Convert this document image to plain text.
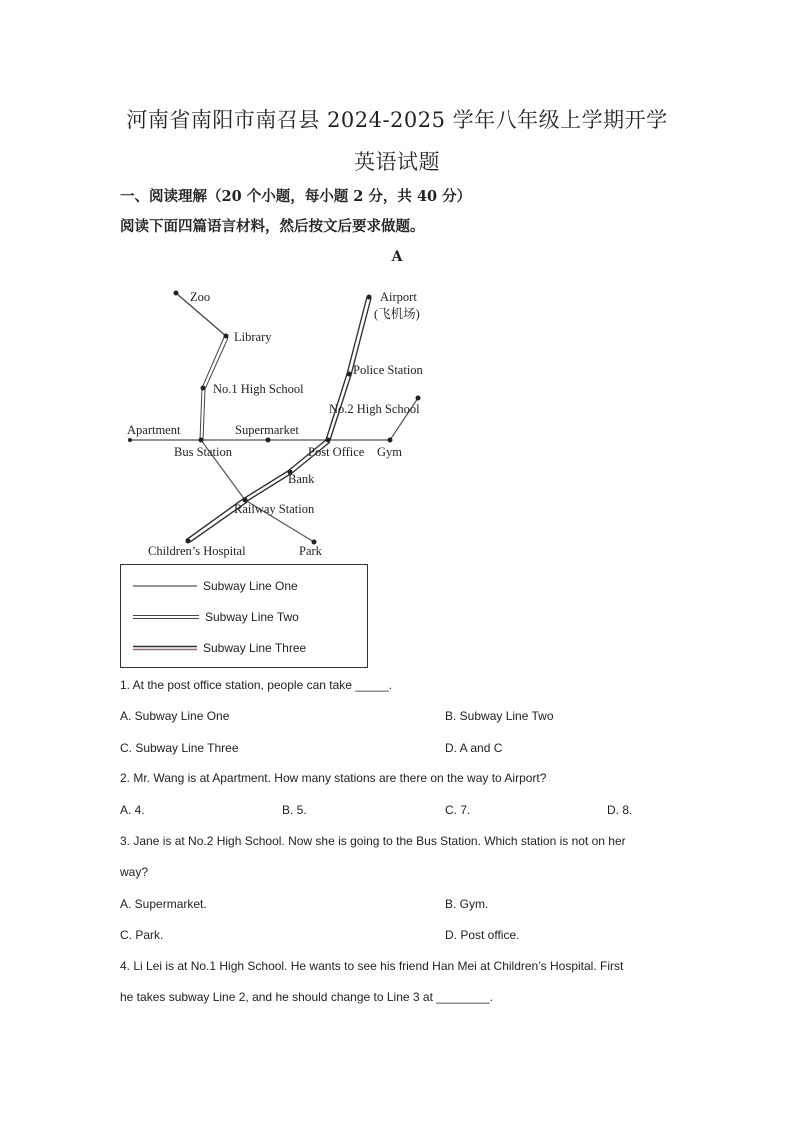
河南省南阳市南召县 2024-2025 学年八年级上学期开学
英语试题
一、阅读理解（20 个小题，每小题 2 分，共 40 分）
阅读下面四篇语言材料，然后按文后要求做题。
A
Zoo
Library
No.1 High School
Apartment
Bus Station
Supermarket
Post Office Gym
No.2 High School
Police Station
Airport
(飞机场)
Bank
Railway Station
Children’s Hospital	Park
Subway Line One
Subway Line Two
Subway Line Three
1. At the post office station, people can take _____.
A. Subway Line One	B. Subway Line Two
C. Subway Line Three	D. A and C
2. Mr. Wang is at Apartment. How many stations are there on the way to Airport?
A. 4.	B. 5.	C. 7.	D. 8.
3. Jane is at No.2 High School. Now she is going to the Bus Station. Which station is not on her
way?
A. Supermarket.	B. Gym.
C. Park.	D. Post office.
4. Li Lei is at No.1 High School. He wants to see his friend Han Mei at Children’s Hospital. First
he takes subway Line 2, and he should change to Line 3 at ________.
